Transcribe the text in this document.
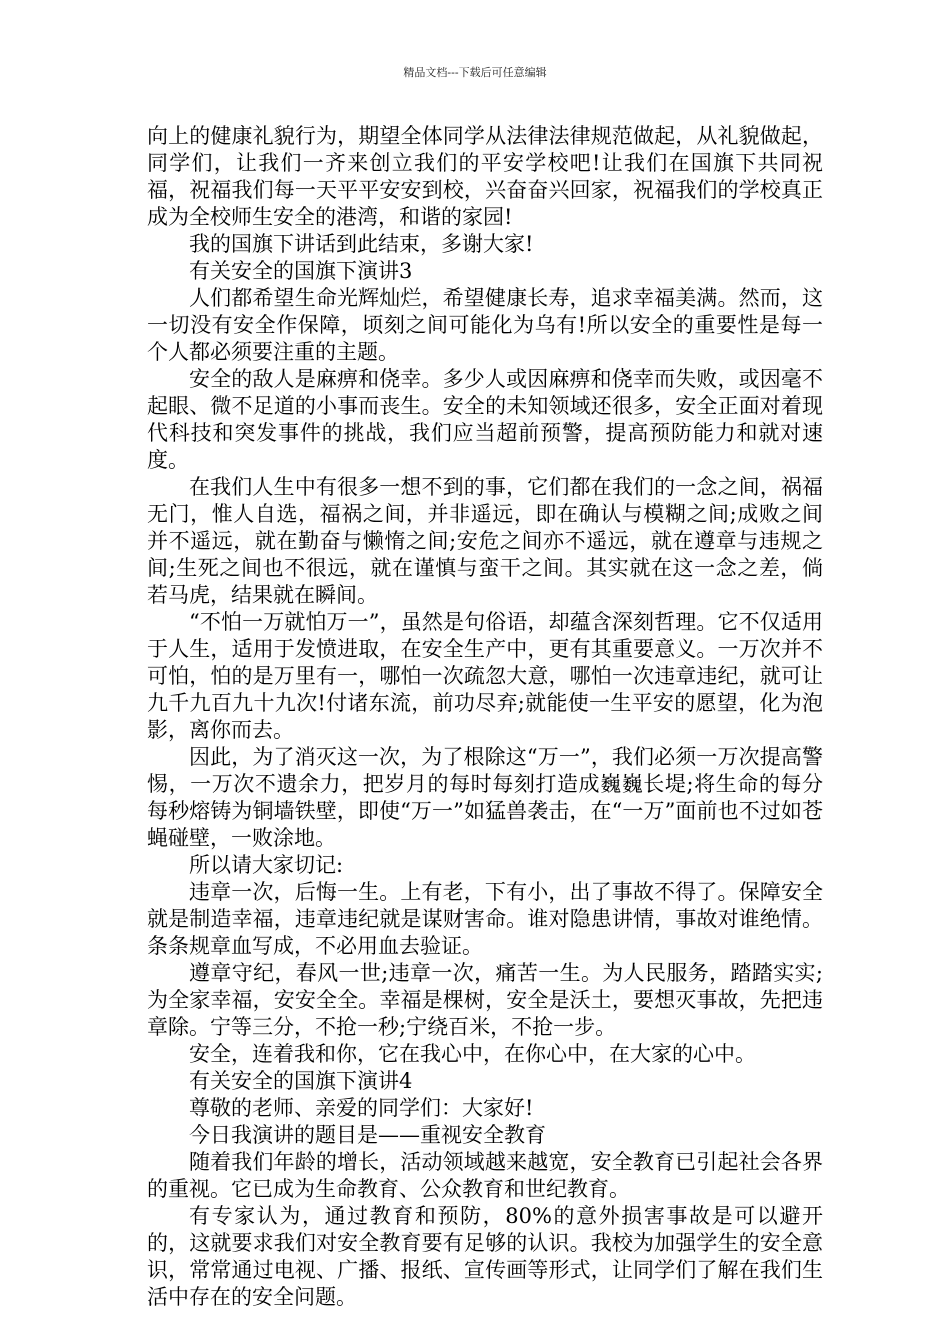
精品文档---下载后可任意编辑

向上的健康礼貌行为，期望全体同学从法律法律规范做起，从礼貌做起，同学们，让我们一齐来创立我们的平安学校吧!让我们在国旗下共同祝福，祝福我们每一天平平安安到校，兴奋奋兴回家，祝福我们的学校真正成为全校师生安全的港湾，和谐的家园!

我的国旗下讲话到此结束，多谢大家!

有关安全的国旗下演讲3

人们都希望生命光辉灿烂，希望健康长寿，追求幸福美满。然而，这一切没有安全作保障，顷刻之间可能化为乌有!所以安全的重要性是每一个人都必须要注重的主题。

安全的敌人是麻痹和侥幸。多少人或因麻痹和侥幸而失败，或因毫不起眼、微不足道的小事而丧生。安全的未知领域还很多，安全正面对着现代科技和突发事件的挑战，我们应当超前预警，提高预防能力和就对速度。

在我们人生中有很多一想不到的事，它们都在我们的一念之间，祸福无门，惟人自选，福祸之间，并非遥远，即在确认与模糊之间;成败之间并不遥远，就在勤奋与懒惰之间;安危之间亦不遥远，就在遵章与违规之间;生死之间也不很远，就在谨慎与蛮干之间。其实就在这一念之差，倘若马虎，结果就在瞬间。

“不怕一万就怕万一”，虽然是句俗语，却蕴含深刻哲理。它不仅适用于人生，适用于发愤进取，在安全生产中，更有其重要意义。一万次并不可怕，怕的是万里有一，哪怕一次疏忽大意，哪怕一次违章违纪，就可让九千九百九十九次!付诸东流，前功尽弃;就能使一生平安的愿望，化为泡影，离你而去。

因此，为了消灭这一次，为了根除这“万一”，我们必须一万次提高警惕，一万次不遗余力，把岁月的每时每刻打造成巍巍长堤;将生命的每分每秒熔铸为铜墙铁壁，即使“万一”如猛兽袭击，在“一万”面前也不过如苍蝇碰壁，一败涂地。

所以请大家切记:

违章一次，后悔一生。上有老，下有小，出了事故不得了。保障安全就是制造幸福，违章违纪就是谋财害命。谁对隐患讲情，事故对谁绝情。条条规章血写成，不必用血去验证。

遵章守纪，春风一世;违章一次，痛苦一生。为人民服务，踏踏实实;为全家幸福，安安全全。幸福是棵树，安全是沃土，要想灭事故，先把违章除。宁等三分，不抢一秒;宁绕百米，不抢一步。

安全，连着我和你，它在我心中，在你心中，在大家的心中。

有关安全的国旗下演讲4

尊敬的老师、亲爱的同学们：大家好!

今日我演讲的题目是——重视安全教育

随着我们年龄的增长，活动领域越来越宽，安全教育已引起社会各界的重视。它已成为生命教育、公众教育和世纪教育。

有专家认为，通过教育和预防，80%的意外损害事故是可以避开的，这就要求我们对安全教育要有足够的认识。我校为加强学生的安全意识，常常通过电视、广播、报纸、宣传画等形式，让同学们了解在我们生活中存在的安全问题。
